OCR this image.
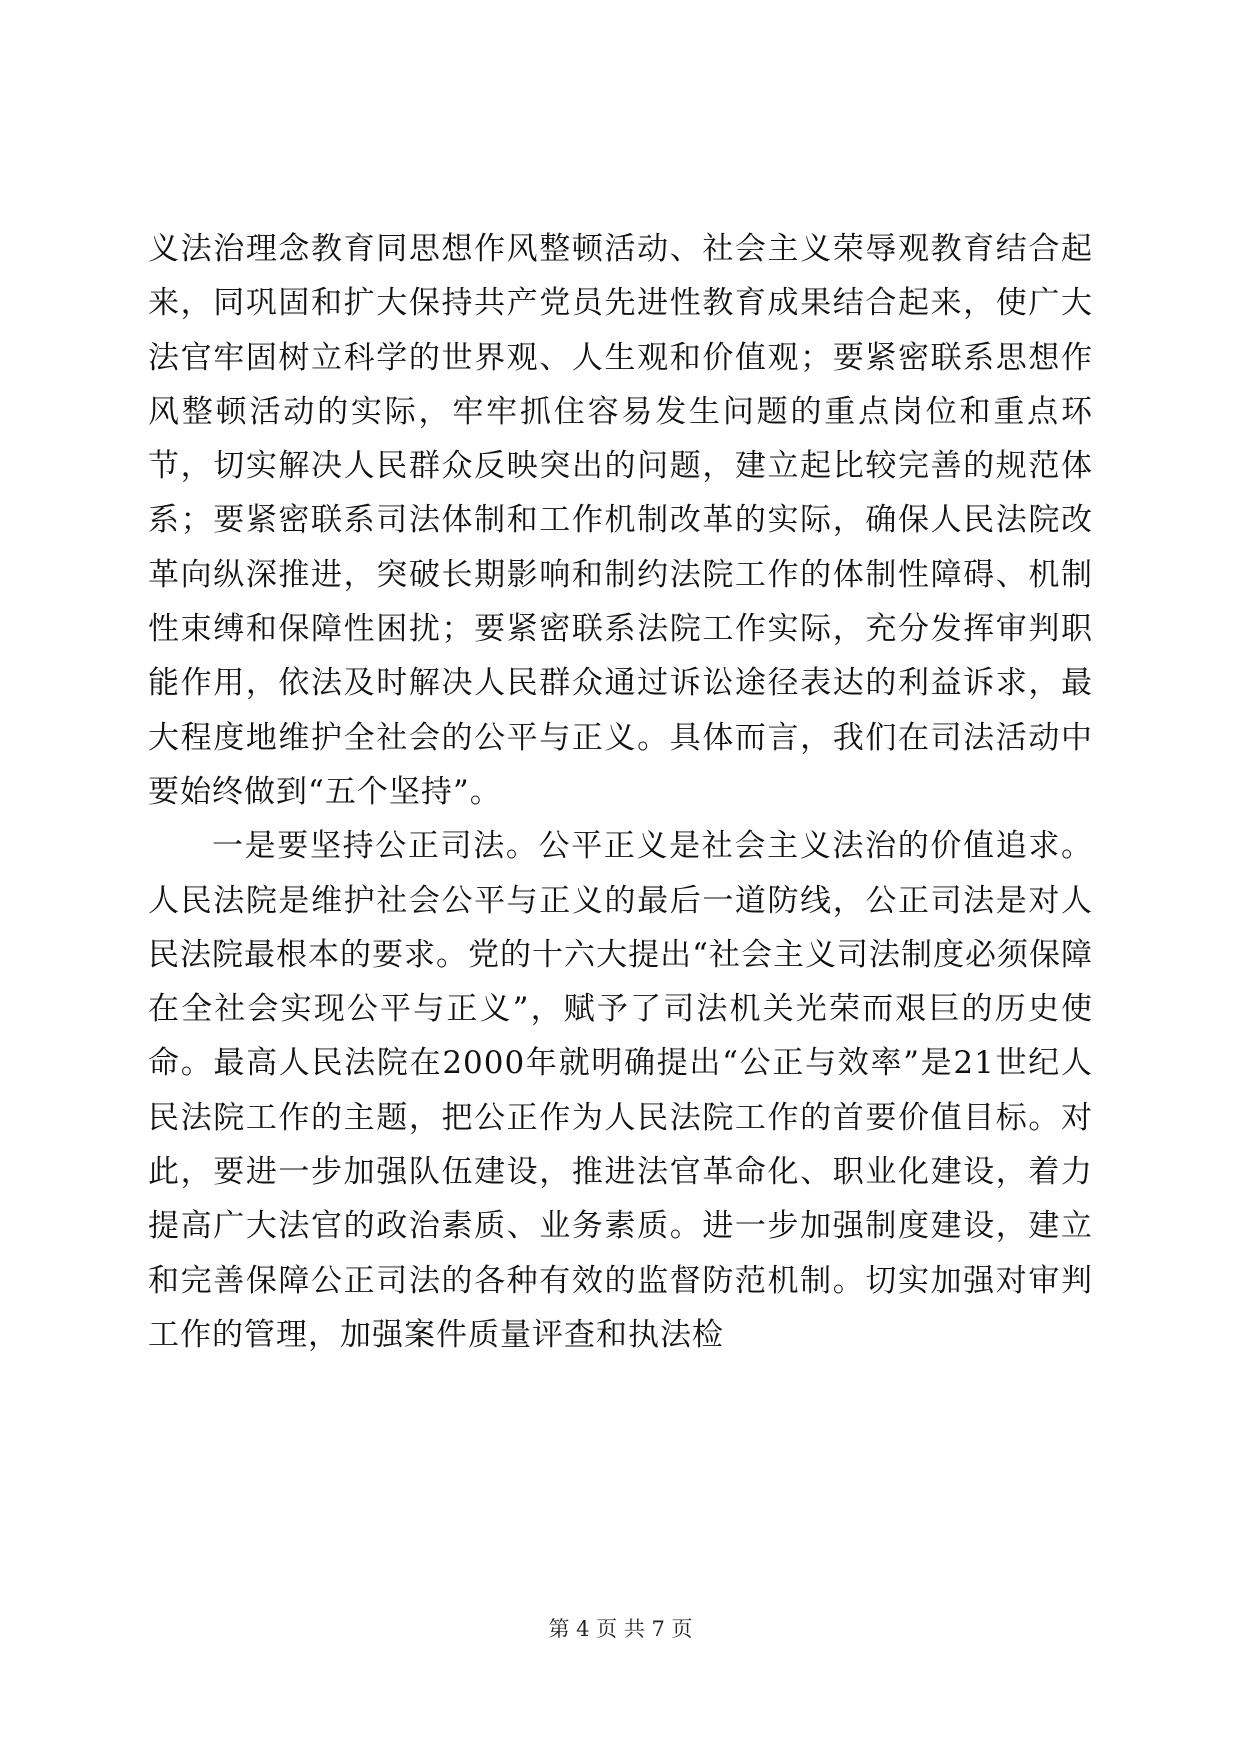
义法治理念教育同思想作风整顿活动、社会主义荣辱观教育结合起来，同巩固和扩大保持共产党员先进性教育成果结合起来，使广大法官牢固树立科学的世界观、人生观和价值观；要紧密联系思想作风整顿活动的实际，牢牢抓住容易发生问题的重点岗位和重点环节，切实解决人民群众反映突出的问题，建立起比较完善的规范体系；要紧密联系司法体制和工作机制改革的实际，确保人民法院改革向纵深推进，突破长期影响和制约法院工作的体制性障碍、机制性束缚和保障性困扰；要紧密联系法院工作实际，充分发挥审判职能作用，依法及时解决人民群众通过诉讼途径表达的利益诉求，最大程度地维护全社会的公平与正义。具体而言，我们在司法活动中要始终做到“五个坚持”。

一是要坚持公正司法。公平正义是社会主义法治的价值追求。人民法院是维护社会公平与正义的最后一道防线，公正司法是对人民法院最根本的要求。党的十六大提出“社会主义司法制度必须保障在全社会实现公平与正义”，赋予了司法机关光荣而艰巨的历史使命。最高人民法院在2000年就明确提出“公正与效率”是21世纪人民法院工作的主题，把公正作为人民法院工作的首要价值目标。对此，要进一步加强队伍建设，推进法官革命化、职业化建设，着力提高广大法官的政治素质、业务素质。进一步加强制度建设，建立和完善保障公正司法的各种有效的监督防范机制。切实加强对审判工作的管理，加强案件质量评查和执法检

第 4 页 共 7 页
